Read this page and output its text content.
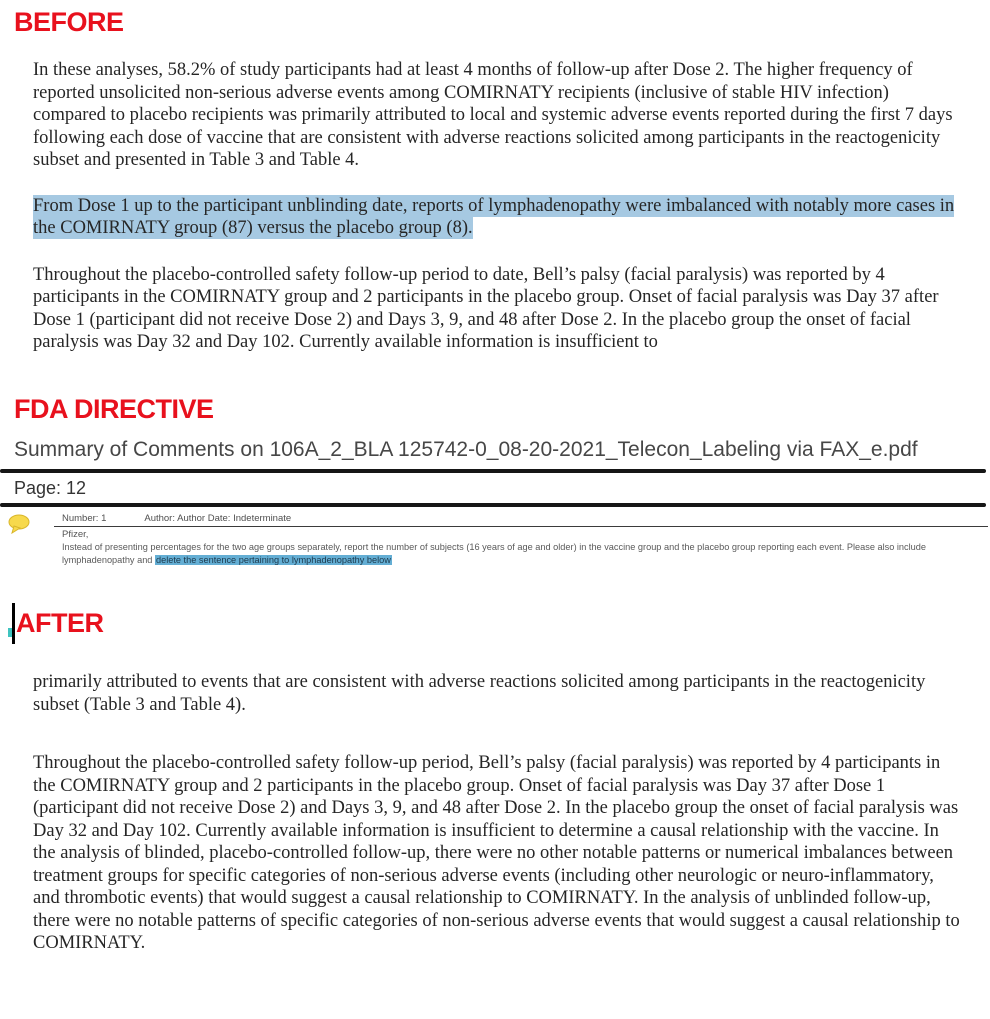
BEFORE

In these analyses, 58.2% of study participants had at least 4 months of follow-up after Dose 2. The higher frequency of reported unsolicited non-serious adverse events among COMIRNATY recipients (inclusive of stable HIV infection) compared to placebo recipients was primarily attributed to local and systemic adverse events reported during the first 7 days following each dose of vaccine that are consistent with adverse reactions solicited among participants in the reactogenicity subset and presented in Table 3 and Table 4.

From Dose 1 up to the participant unblinding date, reports of lymphadenopathy were imbalanced with notably more cases in the COMIRNATY group (87) versus the placebo group (8).

Throughout the placebo-controlled safety follow-up period to date, Bell’s palsy (facial paralysis) was reported by 4 participants in the COMIRNATY group and 2 participants in the placebo group. Onset of facial paralysis was Day 37 after Dose 1 (participant did not receive Dose 2) and Days 3, 9, and 48 after Dose 2. In the placebo group the onset of facial paralysis was Day 32 and Day 102. Currently available information is insufficient to

FDA DIRECTIVE
Summary of Comments on 106A_2_BLA 125742-0_08-20-2021_Telecon_Labeling via FAX_e.pdf
Page: 12
Number: 1	Author: Author Date: Indeterminate
Pfizer,
Instead of presenting percentages for the two age groups separately, report the number of subjects (16 years of age and older) in the vaccine group and the placebo group reporting each event. Please also include lymphadenopathy and delete the sentence pertaining to lymphadenopathy below
AFTER

primarily attributed to events that are consistent with adverse reactions solicited among participants in the reactogenicity subset (Table 3 and Table 4).

Throughout the placebo-controlled safety follow-up period, Bell’s palsy (facial paralysis) was reported by 4 participants in the COMIRNATY group and 2 participants in the placebo group. Onset of facial paralysis was Day 37 after Dose 1 (participant did not receive Dose 2) and Days 3, 9, and 48 after Dose 2. In the placebo group the onset of facial paralysis was Day 32 and Day 102. Currently available information is insufficient to determine a causal relationship with the vaccine. In the analysis of blinded, placebo-controlled follow-up, there were no other notable patterns or numerical imbalances between treatment groups for specific categories of non-serious adverse events (including other neurologic or neuro-inflammatory, and thrombotic events) that would suggest a causal relationship to COMIRNATY. In the analysis of unblinded follow-up, there were no notable patterns of specific categories of non-serious adverse events that would suggest a causal relationship to COMIRNATY.
